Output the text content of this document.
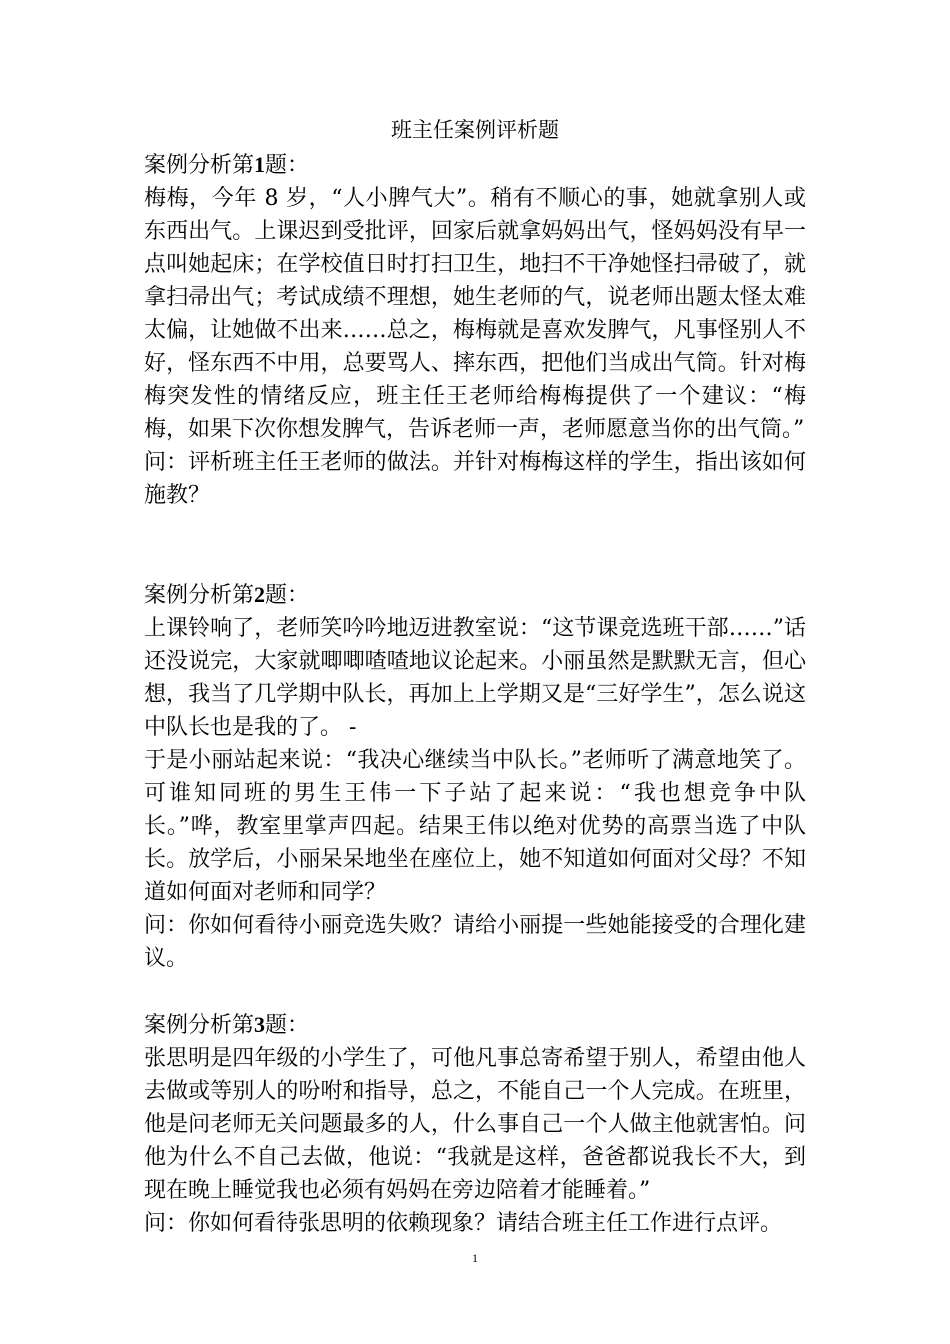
班主任案例评析题
案例分析第1题：
梅梅，今年 8 岁，“人小脾气大”。稍有不顺心的事，她就拿别人或东西出气。上课迟到受批评，回家后就拿妈妈出气，怪妈妈没有早一点叫她起床；在学校值日时打扫卫生，地扫不干净她怪扫帚破了，就拿扫帚出气；考试成绩不理想，她生老师的气，说老师出题太怪太难太偏，让她做不出来……总之，梅梅就是喜欢发脾气，凡事怪别人不好，怪东西不中用，总要骂人、摔东西，把他们当成出气筒。针对梅梅突发性的情绪反应，班主任王老师给梅梅提供了一个建议：“梅梅，如果下次你想发脾气，告诉老师一声，老师愿意当你的出气筒。”
问：评析班主任王老师的做法。并针对梅梅这样的学生，指出该如何施教？
案例分析第2题：
上课铃响了，老师笑吟吟地迈进教室说：“这节课竞选班干部……”话还没说完，大家就唧唧喳喳地议论起来。小丽虽然是默默无言，但心想，我当了几学期中队长，再加上上学期又是“三好学生”，怎么说这中队长也是我的了。 -
于是小丽站起来说：“我决心继续当中队长。”老师听了满意地笑了。可谁知同班的男生王伟一下子站了起来说：“我也想竞争中队长。”哗，教室里掌声四起。结果王伟以绝对优势的高票当选了中队长。放学后，小丽呆呆地坐在座位上，她不知道如何面对父母？不知道如何面对老师和同学？
问：你如何看待小丽竞选失败？请给小丽提一些她能接受的合理化建议。
案例分析第3题：
张思明是四年级的小学生了，可他凡事总寄希望于别人，希望由他人去做或等别人的吩咐和指导，总之，不能自己一个人完成。在班里，他是问老师无关问题最多的人，什么事自己一个人做主他就害怕。问他为什么不自己去做，他说：“我就是这样，爸爸都说我长不大，到现在晚上睡觉我也必须有妈妈在旁边陪着才能睡着。”
问：你如何看待张思明的依赖现象？请结合班主任工作进行点评。
1
